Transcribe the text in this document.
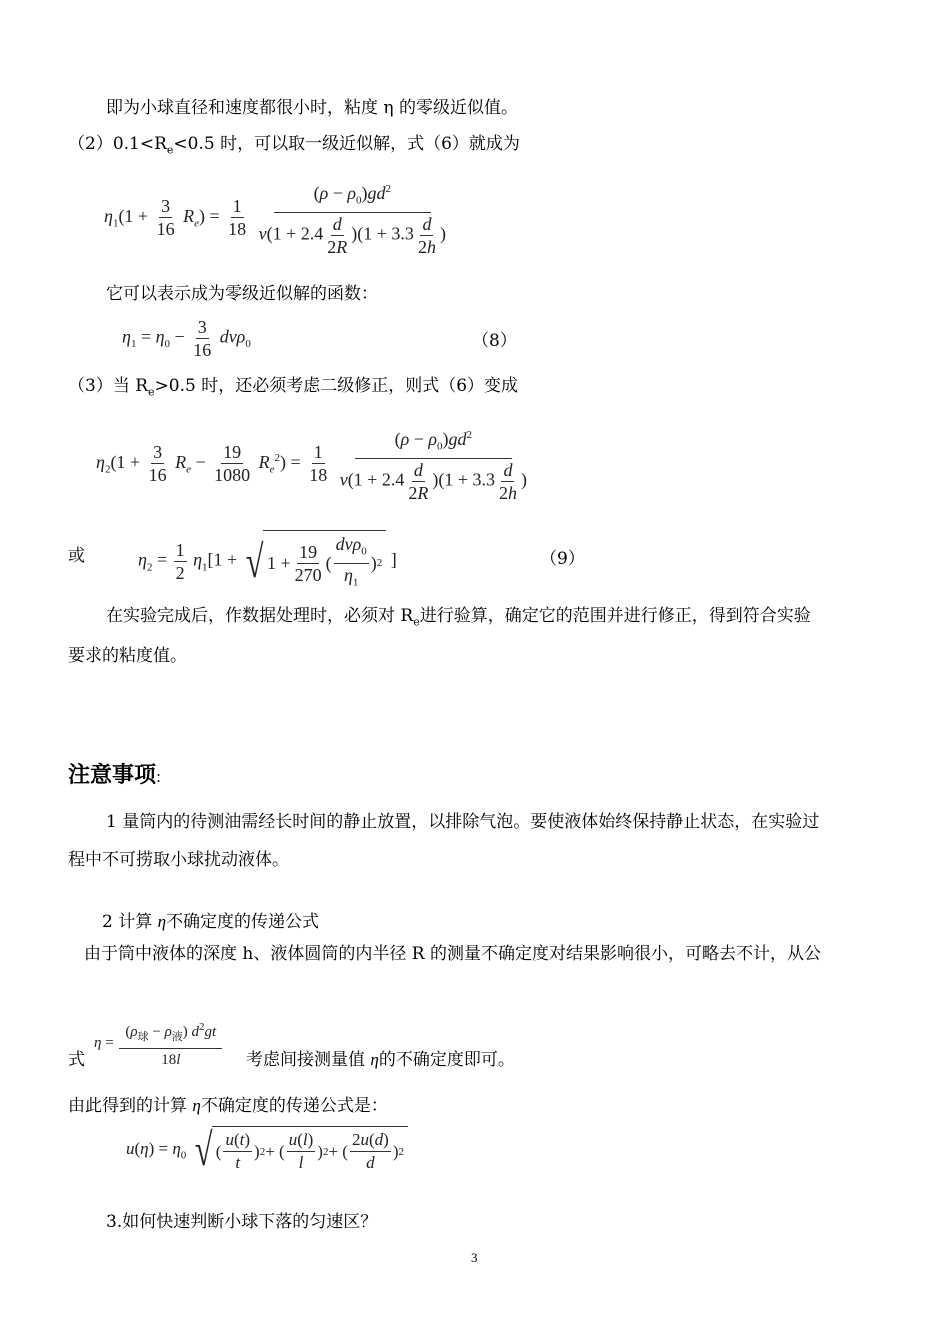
即为小球直径和速度都很小时，粘度 η 的零级近似值。
$(2)0.1<R_e<0.5$ 时，可以取一级近似解，式（6）就成为
$\eta_1(1 + \frac{3}{16} R_e) = \frac{1}{18}$
$\frac{(\rho - \rho_0)gd^2}{v(1 + 2.4 \frac{d}{2R} )(1 + 3.3 \frac{d}{2h} )}$
它可以表示成为零级近似解的函数：
$\eta_1 = \eta_0 - \frac{3}{16} dv\rho_0$	（8）
（3）当 $R_e>0.5$ 时，还必须考虑二级修正，则式（6）变成
$\eta_2(1 + \frac{3}{16} R_e - \frac{19}{1080} R_e^2) = \frac{1}{18}$
$\frac{(\rho - \rho_0)gd^2}{v(1 + 2.4 \frac{d}{2R} )(1 + 3.3 \frac{d}{2h} )}$
或	$\eta_2 = \frac{1}{2} \eta_1[1$ + √ $1 + \frac{19}{270}$ ( $\frac{dv\rho_0}{\eta_1}$ ) 2 ]	（9）
在实验完成后，作数据处理时，必须对 $R_e$进行验算，确定它的范围并进行修正，得到符合实验
要求的粘度值。
注意事项:
1 量筒内的待测油需经长时间的静止放置，以排除气泡。要使液体始终保持静止状态，在实验过
程中不可捞取小球扰动液体。
2 计算 η不确定度的传递公式
由于筒中液体的深度 h、液体圆筒的内半径 R 的测量不确定度对结果影响很小，可略去不计，从公
式
$\eta = \frac{(\rho_球 - \rho_液) d^2gt}{18l}$ 考虑间接测量值 η的不确定度即可。
由此得到的计算 η不确定度的传递公式是：
$u(\eta) = \eta_0$ √ ( $\frac{u(t)}{t}$ ) 2 + ( $\frac{u(l)}{l}$ ) 2 + ( $\frac{2u(d)}{d}$ ) 2
3.如何快速判断小球下落的匀速区？
3
